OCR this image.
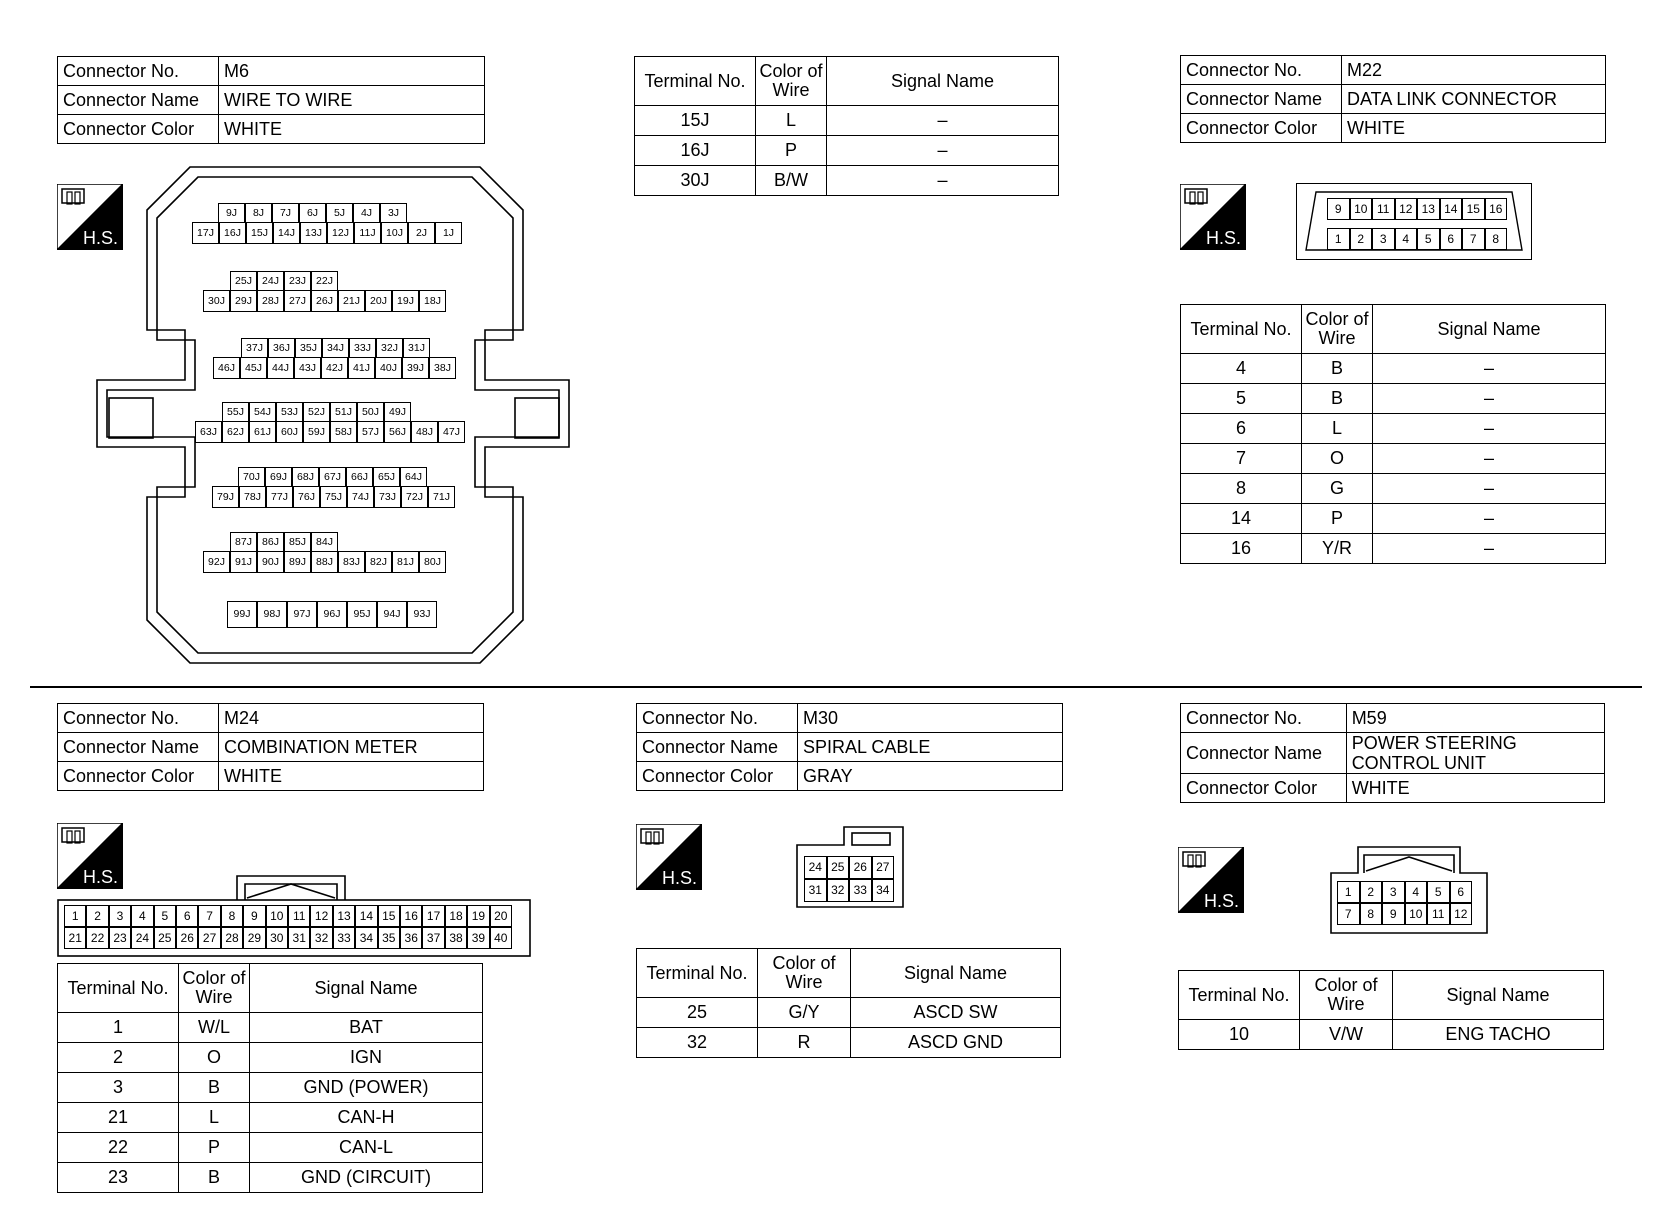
Connector No.	M6
Connector Name	WIRE TO WIRE
Connector Color	WHITE
H.S.
9J	8J	7J	6J	5J	4J	3J
17J 16J 15J 14J 13J 12J 11J 10J	2J	1J
25J 24J 23J 22J
30J 29J 28J 27J 26J 21J 20J 19J 18J
37J 36J 35J 34J 33J 32J 31J
46J 45J 44J 43J 42J 41J 40J 39J 38J
55J 54J 53J 52J 51J 50J 49J
63J 62J 61J 60J 59J 58J 57J 56J 48J 47J
70J 69J 68J 67J 66J 65J 64J
79J 78J 77J 76J 75J 74J 73J 72J 71J
87J 86J 85J 84J
92J 91J 90J 89J 88J 83J 82J 81J 80J
99J	98J	97J	96J	95J	94J	93J
Terminal No.	Color of Wire	Signal Name
15J	L	–
16J	P	–
30J	B/W	–
Connector No.	M22
Connector Name	DATA LINK CONNECTOR
Connector Color	WHITE
H.S.
9	10 11 12 13 14 15 16
1	2	3	4	5	6	7	8
Terminal No.	Color of Wire	Signal Name
4	B	–
5	B	–
6	L	–
7	O	–
8	G	–
14	P	–
16	Y/R	–
Connector No.	M24
Connector Name	COMBINATION METER
Connector Color	WHITE
H.S.
1	2	3	4	5	6	7	8	9	10 11 12 13 14 15 16 17 18 19 20
21 22 23 24 25 26 27 28 29 30 31 32 33 34 35 36 37 38 39 40
Terminal No.	Color of Wire	Signal Name
1	W/L	BAT
2	O	IGN
3	B	GND (POWER)
21	L	CAN-H
22	P	CAN-L
23	B	GND (CIRCUIT)
Connector No.	M30
Connector Name	SPIRAL CABLE
Connector Color	GRAY
H.S.
24 25 26 27
31 32 33 34
Terminal No.	Color of Wire	Signal Name
25	G/Y	ASCD SW
32	R	ASCD GND
Connector No.	M59
Connector Name	POWER STEERING CONTROL UNIT
Connector Color	WHITE
H.S.	1	2	3	4	5	6
7	8	9	10 11 12
Terminal No.	Color of Wire	Signal Name
10	V/W	ENG TACHO
